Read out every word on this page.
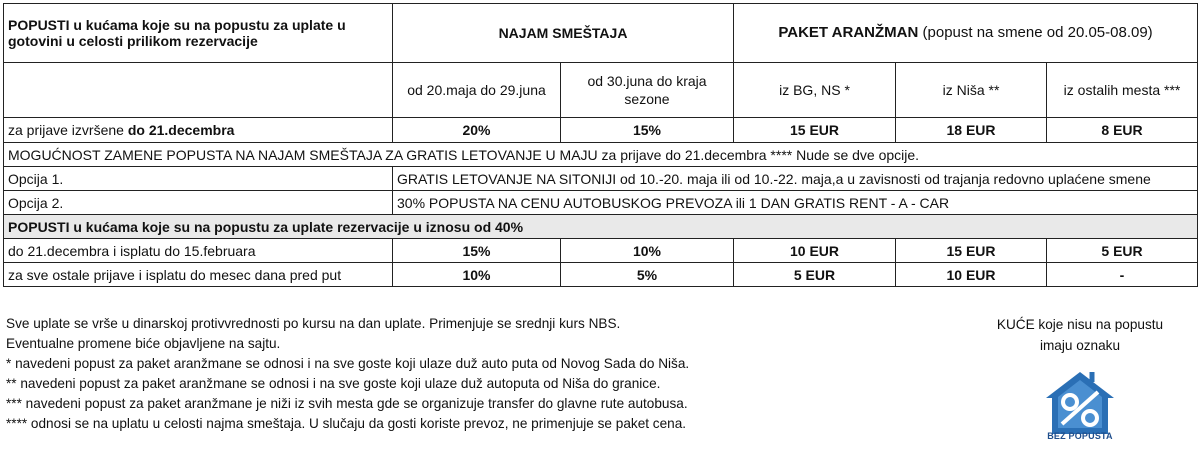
POPUSTI u kućama koje su na popustu za uplate u gotovini u celosti prilikom rezervacije	NAJAM SMEŠTAJA		PAKET ARANŽMAN (popust na smene od 20.05-08.09)		
	od 20.maja do 29.juna	od 30.juna do kraja sezone	iz BG, NS *	iz Niša **	iz ostalih mesta ***
za prijave izvršene do 21.decembra	20%	15%	15 EUR	18 EUR	8 EUR
MOGUĆNOST ZAMENE POPUSTA NA NAJAM SMEŠTAJA ZA GRATIS LETOVANJE U MAJU za prijave do 21.decembra **** Nude se dve opcije.					
Opcija 1.	GRATIS LETOVANJE NA SITONIJI od 10.-20. maja ili od 10.-22. maja,a u zavisnosti od trajanja redovno uplaćene smene				
Opcija 2.	30% POPUSTA NA CENU AUTOBUSKOG PREVOZA ili 1 DAN GRATIS RENT - A - CAR				
POPUSTI u kućama koje su na popustu za uplate rezervacije u iznosu od 40%					
do 21.decembra i isplatu do 15.februara	15%	10%	10 EUR	15 EUR	5 EUR
za sve ostale prijave i isplatu do mesec dana pred put	10%	5%	5 EUR	10 EUR	-
Sve uplate se vrše u dinarskoj protivvrednosti po kursu na dan uplate. Primenjuje se srednji kurs NBS.
Eventualne promene biće objavljene na sajtu.
* navedeni popust za paket aranžmane se odnosi i na sve goste koji ulaze duž auto puta od Novog Sada do Niša.
** navedeni popust za paket aranžmane se odnosi i na sve goste koji ulaze duž autoputa od Niša do granice.
*** navedeni popust za paket aranžmane je niži iz svih mesta gde se organizuje transfer do glavne rute autobusa.
**** odnosi se na uplatu u celosti najma smeštaja. U slučaju da gosti koriste prevoz, ne primenjuje se paket cena.
KUĆE koje nisu na popustu
imaju oznaku
BEZ POPUSTA
